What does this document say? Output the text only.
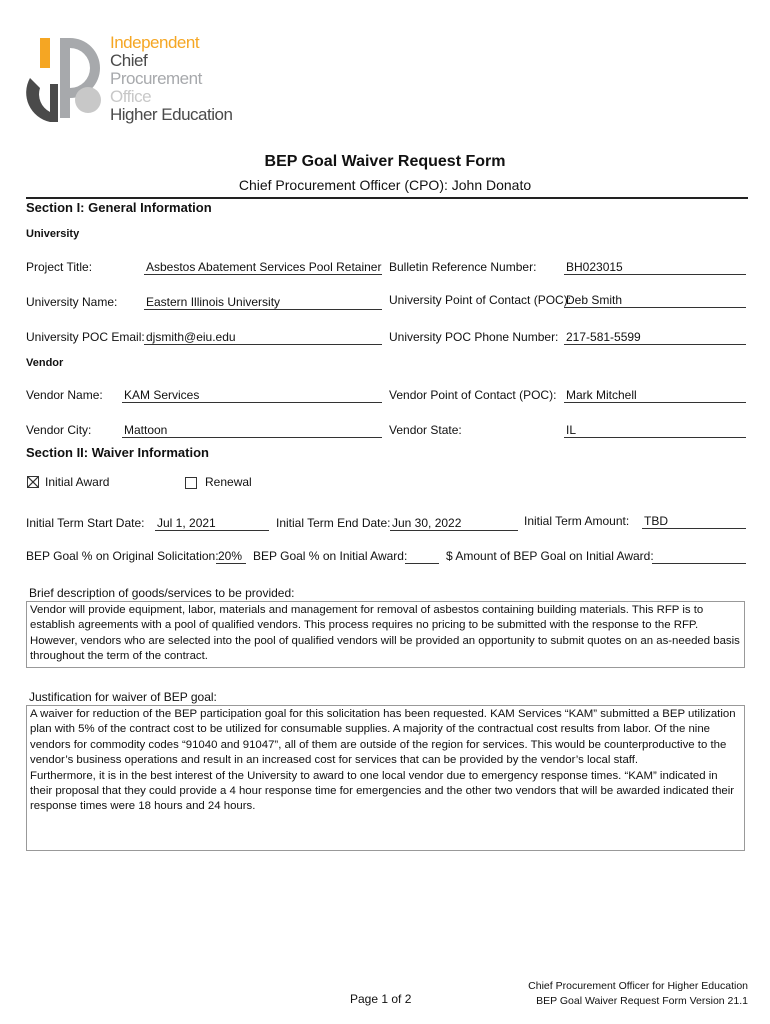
Independent
Chief
Procurement
Office
Higher Education
BEP Goal Waiver Request Form
Chief Procurement Officer (CPO): John Donato
Section I: General Information
University
Project Title:	Asbestos Abatement Services Pool Retainer Bulletin Reference Number: BH023015
University Name: Eastern Illinois University	University Point of Contact (POC):
Deb Smith
University POC Email: djsmith@eiu.edu	University POC Phone Number: 217-581-5599
Vendor
Vendor Name: KAM Services	Vendor Point of Contact (POC): Mark Mitchell
Vendor City:	Mattoon	Vendor State:	IL
Section II: Waiver Information
Initial Award	Renewal
Initial Term Start Date: Jul 1, 2021	Initial Term End Date: Jun 30, 2022	Initial Term Amount: TBD
BEP Goal % on Original Solicitation: 20% BEP Goal % on Initial Award:	$ Amount of BEP Goal on Initial Award:
Brief description of goods/services to be provided:
Vendor will provide equipment, labor, materials and management for removal of asbestos containing building materials. This RFP is to establish agreements with a pool of qualified vendors. This process requires no pricing to be submitted with the response to the RFP. However, vendors who are selected into the pool of qualified vendors will be provided an opportunity to submit quotes on an as-needed basis throughout the term of the contract.
Justification for waiver of BEP goal:
A waiver for reduction of the BEP participation goal for this solicitation has been requested. KAM Services “KAM” submitted a BEP utilization plan with 5% of the contract cost to be utilized for consumable supplies. A majority of the contractual cost results from labor. Of the nine vendors for commodity codes “91040 and 91047”, all of them are outside of the region for services. This would be counterproductive to the vendor’s business operations and result in an increased cost for services that can be provided by the vendor’s local staff.
Furthermore, it is in the best interest of the University to award to one local vendor due to emergency response times. “KAM” indicated in their proposal that they could provide a 4 hour response time for emergencies and the other two vendors that will be awarded indicated their response times were 18 hours and 24 hours.
Page 1 of 2
Chief Procurement Officer for Higher Education
BEP Goal Waiver Request Form Version 21.1
